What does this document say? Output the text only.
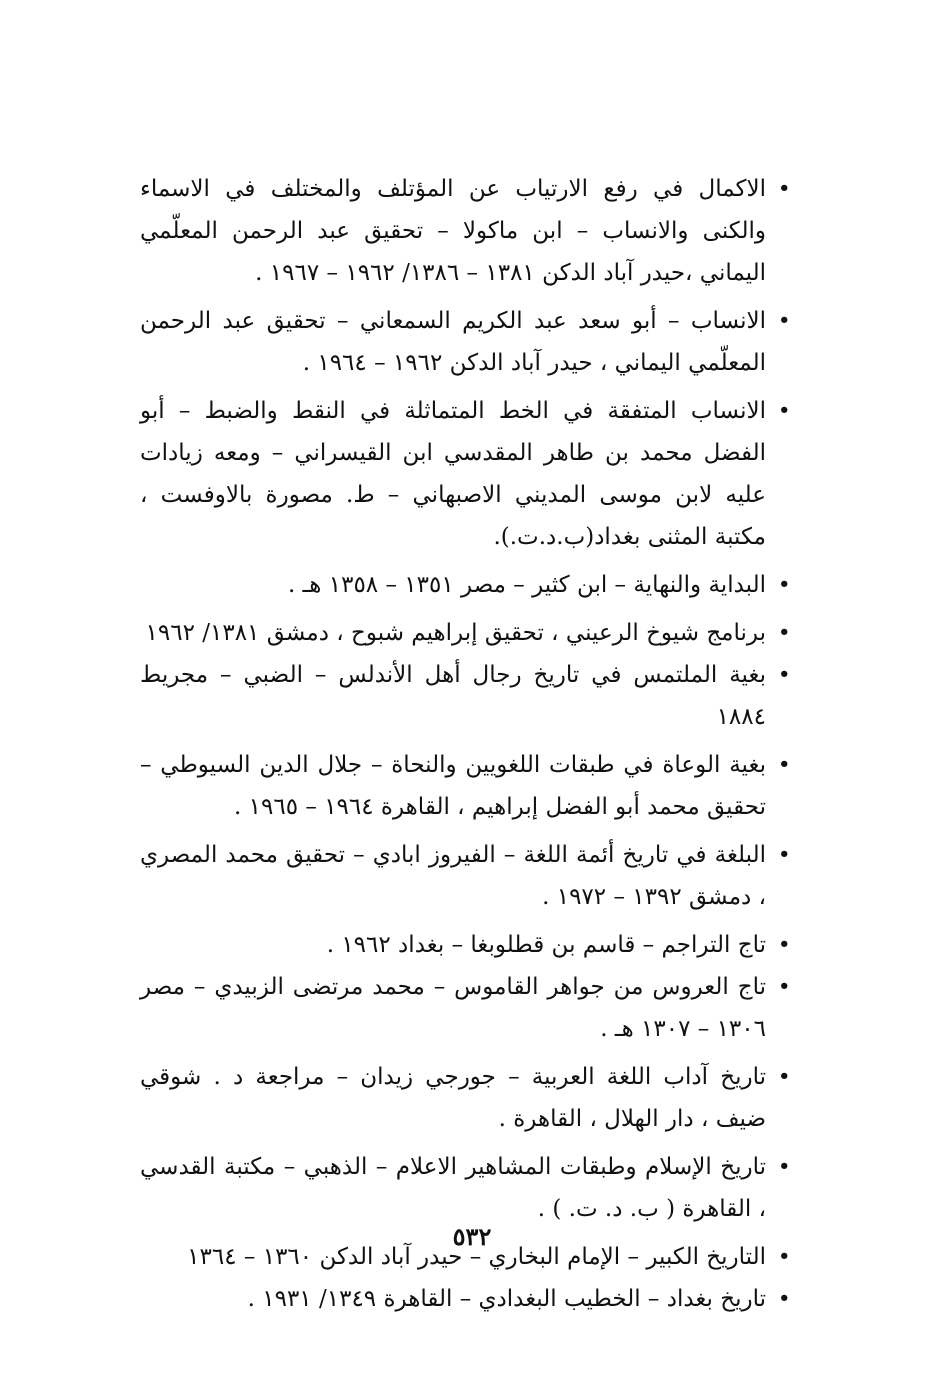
•
الاكمال في رفع الارتياب عن المؤتلف والمختلف في الاسماء والكنى والانساب – ابن ماكولا – تحقيق عبد الرحمن المعلّمي اليماني ،حيدر آباد الدكن ١٣٨١ – ١٣٨٦/ ١٩٦٢ – ١٩٦٧ .
•
الانساب – أبو سعد عبد الكريم السمعاني – تحقيق عبد الرحمن المعلّمي اليماني ، حيدر آباد الدكن ١٩٦٢ – ١٩٦٤ .
•
الانساب المتفقة في الخط المتماثلة في النقط والضبط – أبو الفضل محمد بن طاهر المقدسي ابن القيسراني – ومعه زيادات عليه لابن موسى المديني الاصبهاني – ط. مصورة بالاوفست ، مكتبة المثنى بغداد(ب.د.ت.).
•
البداية والنهاية – ابن كثير – مصر ١٣٥١ – ١٣٥٨ هـ .
•
برنامج شيوخ الرعيني ، تحقيق إبراهيم شبوح ، دمشق ١٣٨١/ ١٩٦٢
•
بغية الملتمس في تاريخ رجال أهل الأندلس – الضبي – مجريط ١٨٨٤
•
بغية الوعاة في طبقات اللغويين والنحاة – جلال الدين السيوطي –تحقيق محمد أبو الفضل إبراهيم ، القاهرة ١٩٦٤ – ١٩٦٥ .
•
البلغة في تاريخ أئمة اللغة – الفيروز ابادي – تحقيق محمد المصري ، دمشق ١٣٩٢ – ١٩٧٢ .
•
تاج التراجم – قاسم بن قطلوبغا – بغداد ١٩٦٢ .
•
تاج العروس من جواهر القاموس – محمد مرتضى الزبيدي – مصر ١٣٠٦ – ١٣٠٧ هـ .
•
تاريخ آداب اللغة العربية – جورجي زيدان – مراجعة د . شوقي ضيف ، دار الهلال ، القاهرة .
•
تاريخ الإسلام وطبقات المشاهير الاعلام – الذهبي – مكتبة القدسي ، القاهرة ( ب. د. ت. ) .
•
التاريخ الكبير – الإمام البخاري – حيدر آباد الدكن ١٣٦٠ – ١٣٦٤
•
تاريخ بغداد – الخطيب البغدادي – القاهرة ١٣٤٩/ ١٩٣١ .
٥٣٢
